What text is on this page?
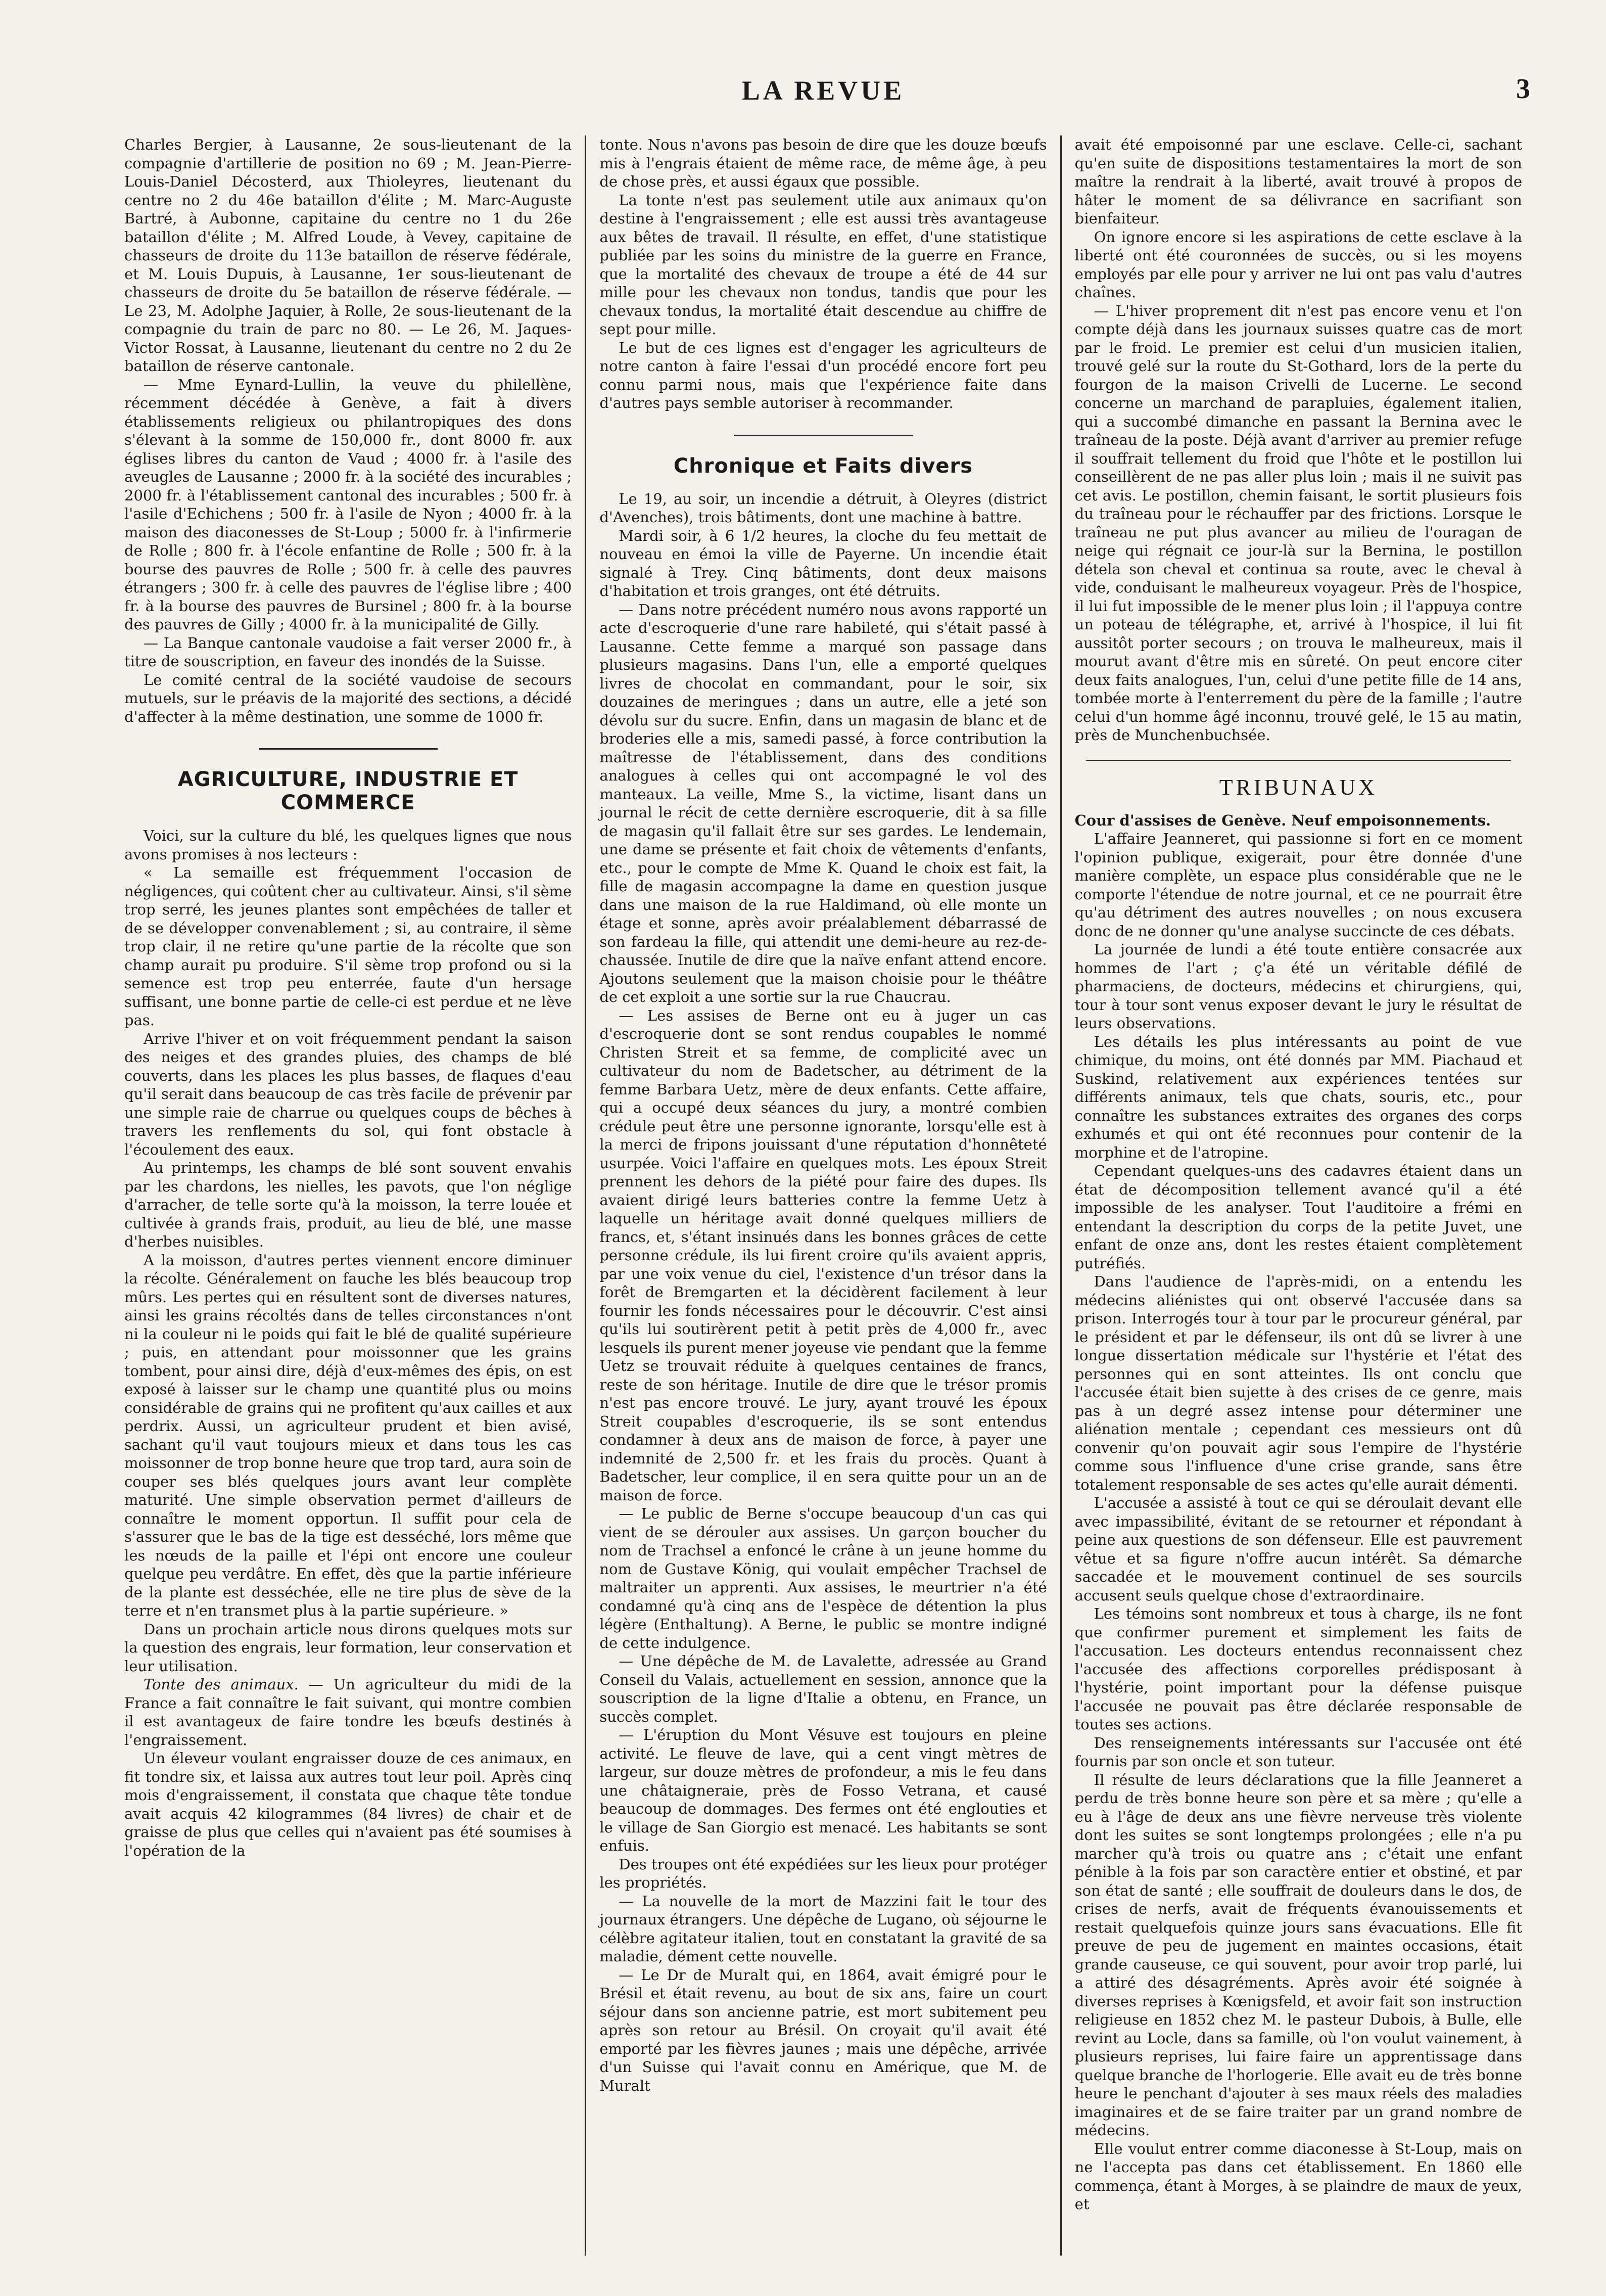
LA REVUE	3

Charles Bergier, à Lausanne, 2e sous-lieutenant de la compagnie d'artillerie de position no 69 ; M. Jean-Pierre-Louis-Daniel Décosterd, aux Thioleyres, lieutenant du centre no 2 du 46e bataillon d'élite ; M. Marc-Auguste Bartré, à Aubonne, capitaine du centre no 1 du 26e bataillon d'élite ; M. Alfred Loude, à Vevey, capitaine de chasseurs de droite du 113e bataillon de réserve fédérale, et M. Louis Dupuis, à Lausanne, 1er sous-lieutenant de chasseurs de droite du 5e bataillon de réserve fédérale. — Le 23, M. Adolphe Jaquier, à Rolle, 2e sous-lieutenant de la compagnie du train de parc no 80. — Le 26, M. Jaques-Victor Rossat, à Lausanne, lieutenant du centre no 2 du 2e bataillon de réserve cantonale.

— Mme Eynard-Lullin, la veuve du philellène, récemment décédée à Genève, a fait à divers établissements religieux ou philantropiques des dons s'élevant à la somme de 150,000 fr., dont 8000 fr. aux églises libres du canton de Vaud ; 4000 fr. à l'asile des aveugles de Lausanne ; 2000 fr. à la société des incurables ; 2000 fr. à l'établissement cantonal des incurables ; 500 fr. à l'asile d'Echichens ; 500 fr. à l'asile de Nyon ; 4000 fr. à la maison des diaconesses de St-Loup ; 5000 fr. à l'infirmerie de Rolle ; 800 fr. à l'école enfantine de Rolle ; 500 fr. à la bourse des pauvres de Rolle ; 500 fr. à celle des pauvres étrangers ; 300 fr. à celle des pauvres de l'église libre ; 400 fr. à la bourse des pauvres de Bursinel ; 800 fr. à la bourse des pauvres de Gilly ; 4000 fr. à la municipalité de Gilly.

— La Banque cantonale vaudoise a fait verser 2000 fr., à titre de souscription, en faveur des inondés de la Suisse.

Le comité central de la société vaudoise de secours mutuels, sur le préavis de la majorité des sections, a décidé d'affecter à la même destination, une somme de 1000 fr.

AGRICULTURE, INDUSTRIE ET COMMERCE

Voici, sur la culture du blé, les quelques lignes que nous avons promises à nos lecteurs :

« La semaille est fréquemment l'occasion de négligences, qui coûtent cher au cultivateur. Ainsi, s'il sème trop serré, les jeunes plantes sont empêchées de taller et de se développer convenablement ; si, au contraire, il sème trop clair, il ne retire qu'une partie de la récolte que son champ aurait pu produire. S'il sème trop profond ou si la semence est trop peu enterrée, faute d'un hersage suffisant, une bonne partie de celle-ci est perdue et ne lève pas.

Arrive l'hiver et on voit fréquemment pendant la saison des neiges et des grandes pluies, des champs de blé couverts, dans les places les plus basses, de flaques d'eau qu'il serait dans beaucoup de cas très facile de prévenir par une simple raie de charrue ou quelques coups de bêches à travers les renflements du sol, qui font obstacle à l'écoulement des eaux.

Au printemps, les champs de blé sont souvent envahis par les chardons, les nielles, les pavots, que l'on néglige d'arracher, de telle sorte qu'à la moisson, la terre louée et cultivée à grands frais, produit, au lieu de blé, une masse d'herbes nuisibles.

A la moisson, d'autres pertes viennent encore diminuer la récolte. Généralement on fauche les blés beaucoup trop mûrs. Les pertes qui en résultent sont de diverses natures, ainsi les grains récoltés dans de telles circonstances n'ont ni la couleur ni le poids qui fait le blé de qualité supérieure ; puis, en attendant pour moissonner que les grains tombent, pour ainsi dire, déjà d'eux-mêmes des épis, on est exposé à laisser sur le champ une quantité plus ou moins considérable de grains qui ne profitent qu'aux cailles et aux perdrix. Aussi, un agriculteur prudent et bien avisé, sachant qu'il vaut toujours mieux et dans tous les cas moissonner de trop bonne heure que trop tard, aura soin de couper ses blés quelques jours avant leur complète maturité. Une simple observation permet d'ailleurs de connaître le moment opportun. Il suffit pour cela de s'assurer que le bas de la tige est desséché, lors même que les nœuds de la paille et l'épi ont encore une couleur quelque peu verdâtre. En effet, dès que la partie inférieure de la plante est desséchée, elle ne tire plus de sève de la terre et n'en transmet plus à la partie supérieure. »

Dans un prochain article nous dirons quelques mots sur la question des engrais, leur formation, leur conservation et leur utilisation.

Tonte des animaux. — Un agriculteur du midi de la France a fait connaître le fait suivant, qui montre combien il est avantageux de faire tondre les bœufs destinés à l'engraissement.

Un éleveur voulant engraisser douze de ces animaux, en fit tondre six, et laissa aux autres tout leur poil. Après cinq mois d'engraissement, il constata que chaque tête tondue avait acquis 42 kilogrammes (84 livres) de chair et de graisse de plus que celles qui n'avaient pas été soumises à l'opération de la

tonte. Nous n'avons pas besoin de dire que les douze bœufs mis à l'engrais étaient de même race, de même âge, à peu de chose près, et aussi égaux que possible.

La tonte n'est pas seulement utile aux animaux qu'on destine à l'engraissement ; elle est aussi très avantageuse aux bêtes de travail. Il résulte, en effet, d'une statistique publiée par les soins du ministre de la guerre en France, que la mortalité des chevaux de troupe a été de 44 sur mille pour les chevaux non tondus, tandis que pour les chevaux tondus, la mortalité était descendue au chiffre de sept pour mille.

Le but de ces lignes est d'engager les agriculteurs de notre canton à faire l'essai d'un procédé encore fort peu connu parmi nous, mais que l'expérience faite dans d'autres pays semble autoriser à recommander.

Chronique et Faits divers

Le 19, au soir, un incendie a détruit, à Oleyres (district d'Avenches), trois bâtiments, dont une machine à battre.

Mardi soir, à 6 1/2 heures, la cloche du feu mettait de nouveau en émoi la ville de Payerne. Un incendie était signalé à Trey. Cinq bâtiments, dont deux maisons d'habitation et trois granges, ont été détruits.

— Dans notre précédent numéro nous avons rapporté un acte d'escroquerie d'une rare habileté, qui s'était passé à Lausanne. Cette femme a marqué son passage dans plusieurs magasins. Dans l'un, elle a emporté quelques livres de chocolat en commandant, pour le soir, six douzaines de meringues ; dans un autre, elle a jeté son dévolu sur du sucre. Enfin, dans un magasin de blanc et de broderies elle a mis, samedi passé, à force contribution la maîtresse de l'établissement, dans des conditions analogues à celles qui ont accompagné le vol des manteaux. La veille, Mme S., la victime, lisant dans un journal le récit de cette dernière escroquerie, dit à sa fille de magasin qu'il fallait être sur ses gardes. Le lendemain, une dame se présente et fait choix de vêtements d'enfants, etc., pour le compte de Mme K. Quand le choix est fait, la fille de magasin accompagne la dame en question jusque dans une maison de la rue Haldimand, où elle monte un étage et sonne, après avoir préalablement débarrassé de son fardeau la fille, qui attendit une demi-heure au rez-de-chaussée. Inutile de dire que la naïve enfant attend encore. Ajoutons seulement que la maison choisie pour le théâtre de cet exploit a une sortie sur la rue Chaucrau.

— Les assises de Berne ont eu à juger un cas d'escroquerie dont se sont rendus coupables le nommé Christen Streit et sa femme, de complicité avec un cultivateur du nom de Badetscher, au détriment de la femme Barbara Uetz, mère de deux enfants. Cette affaire, qui a occupé deux séances du jury, a montré combien crédule peut être une personne ignorante, lorsqu'elle est à la merci de fripons jouissant d'une réputation d'honnêteté usurpée. Voici l'affaire en quelques mots. Les époux Streit prennent les dehors de la piété pour faire des dupes. Ils avaient dirigé leurs batteries contre la femme Uetz à laquelle un héritage avait donné quelques milliers de francs, et, s'étant insinués dans les bonnes grâces de cette personne crédule, ils lui firent croire qu'ils avaient appris, par une voix venue du ciel, l'existence d'un trésor dans la forêt de Bremgarten et la décidèrent facilement à leur fournir les fonds nécessaires pour le découvrir. C'est ainsi qu'ils lui soutirèrent petit à petit près de 4,000 fr., avec lesquels ils purent mener joyeuse vie pendant que la femme Uetz se trouvait réduite à quelques centaines de francs, reste de son héritage. Inutile de dire que le trésor promis n'est pas encore trouvé. Le jury, ayant trouvé les époux Streit coupables d'escroquerie, ils se sont entendus condamner à deux ans de maison de force, à payer une indemnité de 2,500 fr. et les frais du procès. Quant à Badetscher, leur complice, il en sera quitte pour un an de maison de force.

— Le public de Berne s'occupe beaucoup d'un cas qui vient de se dérouler aux assises. Un garçon boucher du nom de Trachsel a enfoncé le crâne à un jeune homme du nom de Gustave König, qui voulait empêcher Trachsel de maltraiter un apprenti. Aux assises, le meurtrier n'a été condamné qu'à cinq ans de l'espèce de détention la plus légère (Enthaltung). A Berne, le public se montre indigné de cette indulgence.

— Une dépêche de M. de Lavalette, adressée au Grand Conseil du Valais, actuellement en session, annonce que la souscription de la ligne d'Italie a obtenu, en France, un succès complet.

— L'éruption du Mont Vésuve est toujours en pleine activité. Le fleuve de lave, qui a cent vingt mètres de largeur, sur douze mètres de profondeur, a mis le feu dans une châtaigneraie, près de Fosso Vetrana, et causé beaucoup de dommages. Des fermes ont été englouties et le village de San Giorgio est menacé. Les habitants se sont enfuis.

Des troupes ont été expédiées sur les lieux pour protéger les propriétés.

— La nouvelle de la mort de Mazzini fait le tour des journaux étrangers. Une dépêche de Lugano, où séjourne le célèbre agitateur italien, tout en constatant la gravité de sa maladie, dément cette nouvelle.

— Le Dr de Muralt qui, en 1864, avait émigré pour le Brésil et était revenu, au bout de six ans, faire un court séjour dans son ancienne patrie, est mort subitement peu après son retour au Brésil. On croyait qu'il avait été emporté par les fièvres jaunes ; mais une dépêche, arrivée d'un Suisse qui l'avait connu en Amérique, que M. de Muralt

avait été empoisonné par une esclave. Celle-ci, sachant qu'en suite de dispositions testamentaires la mort de son maître la rendrait à la liberté, avait trouvé à propos de hâter le moment de sa délivrance en sacrifiant son bienfaiteur.

On ignore encore si les aspirations de cette esclave à la liberté ont été couronnées de succès, ou si les moyens employés par elle pour y arriver ne lui ont pas valu d'autres chaînes.

— L'hiver proprement dit n'est pas encore venu et l'on compte déjà dans les journaux suisses quatre cas de mort par le froid. Le premier est celui d'un musicien italien, trouvé gelé sur la route du St-Gothard, lors de la perte du fourgon de la maison Crivelli de Lucerne. Le second concerne un marchand de parapluies, également italien, qui a succombé dimanche en passant la Bernina avec le traîneau de la poste. Déjà avant d'arriver au premier refuge il souffrait tellement du froid que l'hôte et le postillon lui conseillèrent de ne pas aller plus loin ; mais il ne suivit pas cet avis. Le postillon, chemin faisant, le sortit plusieurs fois du traîneau pour le réchauffer par des frictions. Lorsque le traîneau ne put plus avancer au milieu de l'ouragan de neige qui régnait ce jour-là sur la Bernina, le postillon détela son cheval et continua sa route, avec le cheval à vide, conduisant le malheureux voyageur. Près de l'hospice, il lui fut impossible de le mener plus loin ; il l'appuya contre un poteau de télégraphe, et, arrivé à l'hospice, il lui fit aussitôt porter secours ; on trouva le malheureux, mais il mourut avant d'être mis en sûreté. On peut encore citer deux faits analogues, l'un, celui d'une petite fille de 14 ans, tombée morte à l'enterrement du père de la famille ; l'autre celui d'un homme âgé inconnu, trouvé gelé, le 15 au matin, près de Munchenbuchsée.

TRIBUNAUX

Cour d'assises de Genève. Neuf empoisonnements.

L'affaire Jeanneret, qui passionne si fort en ce moment l'opinion publique, exigerait, pour être donnée d'une manière complète, un espace plus considérable que ne le comporte l'étendue de notre journal, et ce ne pourrait être qu'au détriment des autres nouvelles ; on nous excusera donc de ne donner qu'une analyse succincte de ces débats.

La journée de lundi a été toute entière consacrée aux hommes de l'art ; ç'a été un véritable défilé de pharmaciens, de docteurs, médecins et chirurgiens, qui, tour à tour sont venus exposer devant le jury le résultat de leurs observations.

Les détails les plus intéressants au point de vue chimique, du moins, ont été donnés par MM. Piachaud et Suskind, relativement aux expériences tentées sur différents animaux, tels que chats, souris, etc., pour connaître les substances extraites des organes des corps exhumés et qui ont été reconnues pour contenir de la morphine et de l'atropine.

Cependant quelques-uns des cadavres étaient dans un état de décomposition tellement avancé qu'il a été impossible de les analyser. Tout l'auditoire a frémi en entendant la description du corps de la petite Juvet, une enfant de onze ans, dont les restes étaient complètement putréfiés.

Dans l'audience de l'après-midi, on a entendu les médecins aliénistes qui ont observé l'accusée dans sa prison. Interrogés tour à tour par le procureur général, par le président et par le défenseur, ils ont dû se livrer à une longue dissertation médicale sur l'hystérie et l'état des personnes qui en sont atteintes. Ils ont conclu que l'accusée était bien sujette à des crises de ce genre, mais pas à un degré assez intense pour déterminer une aliénation mentale ; cependant ces messieurs ont dû convenir qu'on pouvait agir sous l'empire de l'hystérie comme sous l'influence d'une crise grande, sans être totalement responsable de ses actes qu'elle aurait démenti.

L'accusée a assisté à tout ce qui se déroulait devant elle avec impassibilité, évitant de se retourner et répondant à peine aux questions de son défenseur. Elle est pauvrement vêtue et sa figure n'offre aucun intérêt. Sa démarche saccadée et le mouvement continuel de ses sourcils accusent seuls quelque chose d'extraordinaire.

Les témoins sont nombreux et tous à charge, ils ne font que confirmer purement et simplement les faits de l'accusation. Les docteurs entendus reconnaissent chez l'accusée des affections corporelles prédisposant à l'hystérie, point important pour la défense puisque l'accusée ne pouvait pas être déclarée responsable de toutes ses actions.

Des renseignements intéressants sur l'accusée ont été fournis par son oncle et son tuteur.

Il résulte de leurs déclarations que la fille Jeanneret a perdu de très bonne heure son père et sa mère ; qu'elle a eu à l'âge de deux ans une fièvre nerveuse très violente dont les suites se sont longtemps prolongées ; elle n'a pu marcher qu'à trois ou quatre ans ; c'était une enfant pénible à la fois par son caractère entier et obstiné, et par son état de santé ; elle souffrait de douleurs dans le dos, de crises de nerfs, avait de fréquents évanouissements et restait quelquefois quinze jours sans évacuations. Elle fit preuve de peu de jugement en maintes occasions, était grande causeuse, ce qui souvent, pour avoir trop parlé, lui a attiré des désagréments. Après avoir été soignée à diverses reprises à Kœnigsfeld, et avoir fait son instruction religieuse en 1852 chez M. le pasteur Dubois, à Bulle, elle revint au Locle, dans sa famille, où l'on voulut vainement, à plusieurs reprises, lui faire faire un apprentissage dans quelque branche de l'horlogerie. Elle avait eu de très bonne heure le penchant d'ajouter à ses maux réels des maladies imaginaires et de se faire traiter par un grand nombre de médecins.

Elle voulut entrer comme diaconesse à St-Loup, mais on ne l'accepta pas dans cet établissement. En 1860 elle commença, étant à Morges, à se plaindre de maux de yeux, et
